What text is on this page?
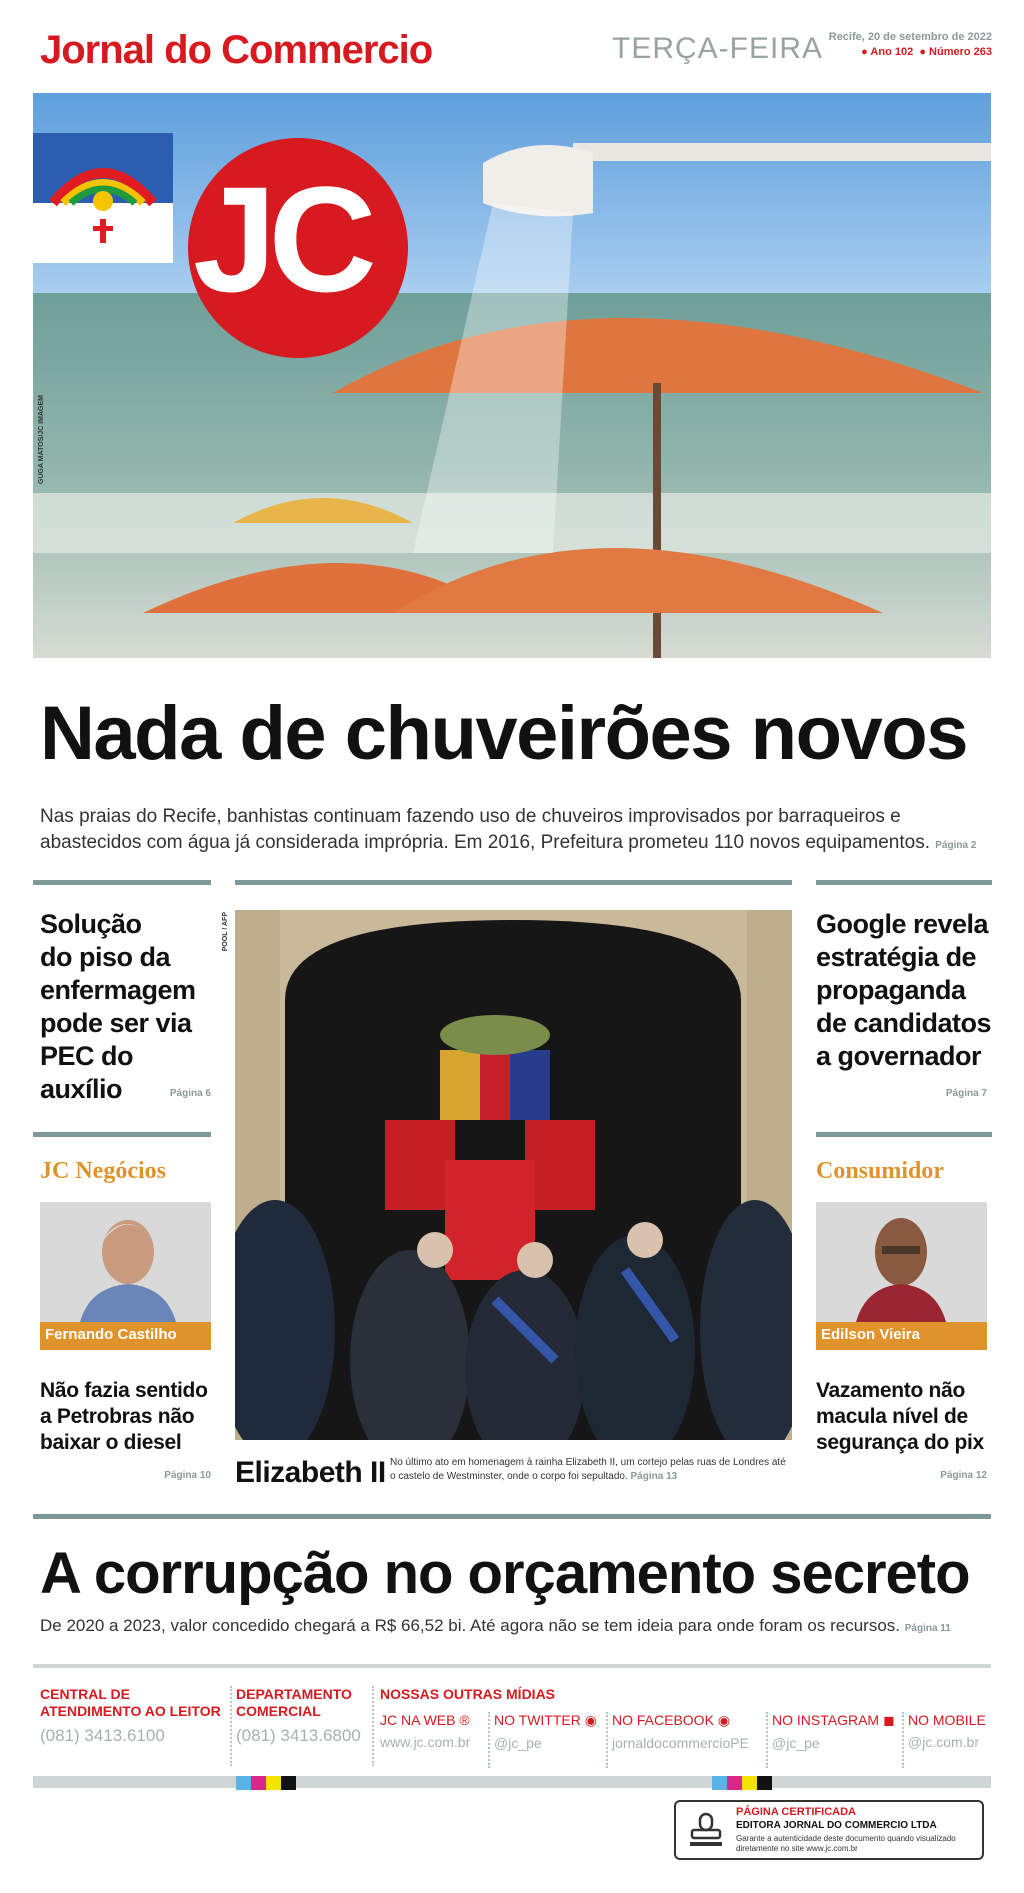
Jornal do Commercio	TERÇA-FEIRA Recife, 20 de setembro de 2022
● Ano 102 ● Número 263
JC
GUGA MATOS/JC IMAGEM
Nada de chuveirões novos
Nas praias do Recife, banhistas continuam fazendo uso de chuveiros improvisados por barraqueiros e abastecidos com água já considerada imprópria. Em 2016, Prefeitura prometeu 110 novos equipamentos. Página 2
Solução
do piso da
enfermagem
pode ser via
PEC do auxílio	Página 6
JC Negócios
Fernando Castilho
Não fazia sentido
a Petrobras não
baixar o diesel
Página 10
POOL / AFP
Elizabeth II No último ato em homenagem à rainha Elizabeth II, um cortejo pelas ruas de Londres até o castelo de Westminster, onde o corpo foi sepultado. Página 13
Google revela
estratégia de
propaganda
de candidatos
a governador
Página 7
Consumidor
Edilson Vieira
Vazamento não
macula nível de
segurança do pix
Página 12
A corrupção no orçamento secreto
De 2020 a 2023, valor concedido chegará a R$ 66,52 bi. Até agora não se tem ideia para onde foram os recursos. Página 11
CENTRAL DE
ATENDIMENTO AO LEITOR
(081) 3413.6100
DEPARTAMENTO
COMERCIAL
(081) 3413.6800
NOSSAS OUTRAS MÍDIAS
JC NA WEB ®
www.jc.com.br
NO TWITTER ◉
@jc_pe
NO FACEBOOK ◉
jornaldocommercioPE
NO INSTAGRAM ◼
@jc_pe
NO MOBILE
@jc.com.br
PÁGINA CERTIFICADA
EDITORA JORNAL DO COMMERCIO LTDA
Garante a autenticidade deste documento quando visualizado diretamente no site www.jc.com.br
